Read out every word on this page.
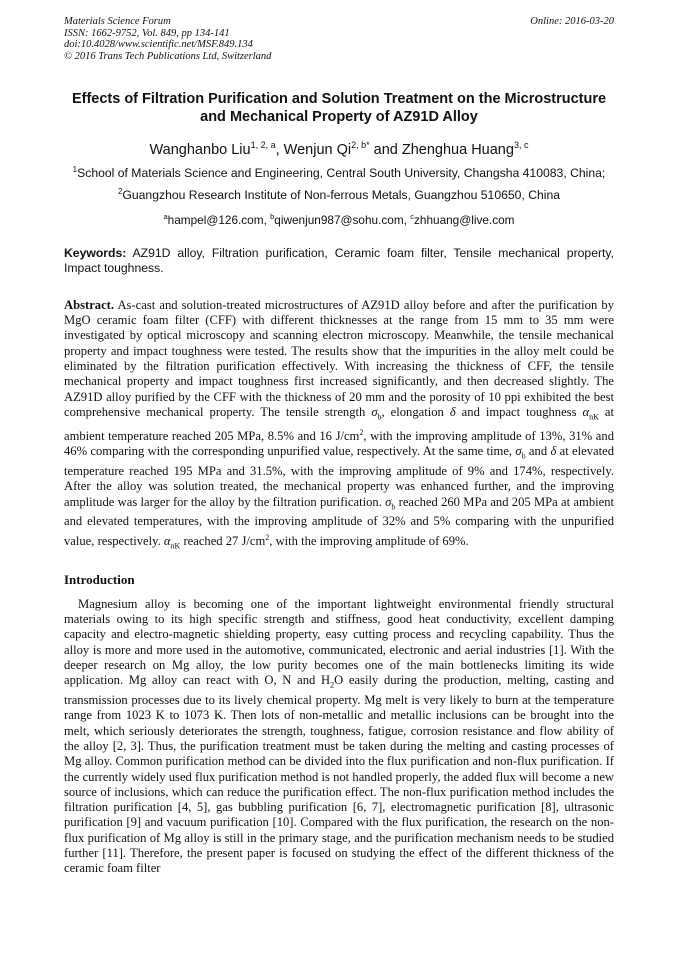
Materials Science Forum
ISSN: 1662-9752, Vol. 849, pp 134-141
doi:10.4028/www.scientific.net/MSF.849.134
© 2016 Trans Tech Publications Ltd, Switzerland
Online: 2016-03-20
Effects of Filtration Purification and Solution Treatment on the Microstructure and Mechanical Property of AZ91D Alloy
Wanghanbo Liu$^{1, 2, a}$, Wenjun $Qi^{2, b*}$ and Zhenghua Huang$^{3, c}$
$^1$School of Materials Science and Engineering, Central South University, Changsha 410083, China;
$^2$Guangzhou Research Institute of Non-ferrous Metals, Guangzhou 510650, China
$^a$hampel@126.com, $^b$qiwenjun987@sohu.com, $^c$zhhuang@live.com
Keywords: AZ91D alloy, Filtration purification, Ceramic foam filter, Tensile mechanical property, Impact toughness.
Abstract. As-cast and solution-treated microstructures of AZ91D alloy before and after the purification by MgO ceramic foam filter (CFF) with different thicknesses at the range from 15 mm to 35 mm were investigated by optical microscopy and scanning electron microscopy. Meanwhile, the tensile mechanical property and impact toughness were tested. The results show that the impurities in the alloy melt could be eliminated by the filtration purification effectively. With increasing the thickness of CFF, the tensile mechanical property and impact toughness first increased significantly, and then decreased slightly. The AZ91D alloy purified by the CFF with the thickness of 20 mm and the porosity of 10 ppi exhibited the best comprehensive mechanical property. The tensile strength $\sigma_b$, elongation δ and impact toughness $\alpha_{nK}$ at ambient temperature reached 205 MPa, 8.5% and 16 $J/cm^2$, with the improving amplitude of 13%, 31% and 46% comparing with the corresponding unpurified value, respectively. At the same time, $\sigma_b$ and δ at elevated temperature reached 195 MPa and 31.5%, with the improving amplitude of 9% and 174%, respectively. After the alloy was solution treated, the mechanical property was enhanced further, and the improving amplitude was larger for the alloy by the filtration purification. $\sigma_b$ reached 260 MPa and 205 MPa at ambient and elevated temperatures, with the improving amplitude of 32% and 5% comparing with the unpurified value, respectively. $\alpha_{nK}$ reached 27 $J/cm^2$, with the improving amplitude of 69%.
Introduction
Magnesium alloy is becoming one of the important lightweight environmental friendly structural materials owing to its high specific strength and stiffness, good heat conductivity, excellent damping capacity and electro-magnetic shielding property, easy cutting process and recycling capability. Thus the alloy is more and more used in the automotive, communicated, electronic and aerial industries [1]. With the deeper research on Mg alloy, the low purity becomes one of the main bottlenecks limiting its wide application. Mg alloy can react with O, N and $H_2O$ easily during the production, melting, casting and transmission processes due to its lively chemical property. Mg melt is very likely to burn at the temperature range from 1023 K to 1073 K. Then lots of non-metallic and metallic inclusions can be brought into the melt, which seriously deteriorates the strength, toughness, fatigue, corrosion resistance and flow ability of the alloy [2, 3]. Thus, the purification treatment must be taken during the melting and casting processes of Mg alloy. Common purification method can be divided into the flux purification and non-flux purification. If the currently widely used flux purification method is not handled properly, the added flux will become a new source of inclusions, which can reduce the purification effect. The non-flux purification method includes the filtration purification [4, 5], gas bubbling purification [6, 7], electromagnetic purification [8], ultrasonic purification [9] and vacuum purification [10]. Compared with the flux purification, the research on the non-flux purification of Mg alloy is still in the primary stage, and the purification mechanism needs to be studied further [11]. Therefore, the present paper is focused on studying the effect of the different thickness of the ceramic foam filter
